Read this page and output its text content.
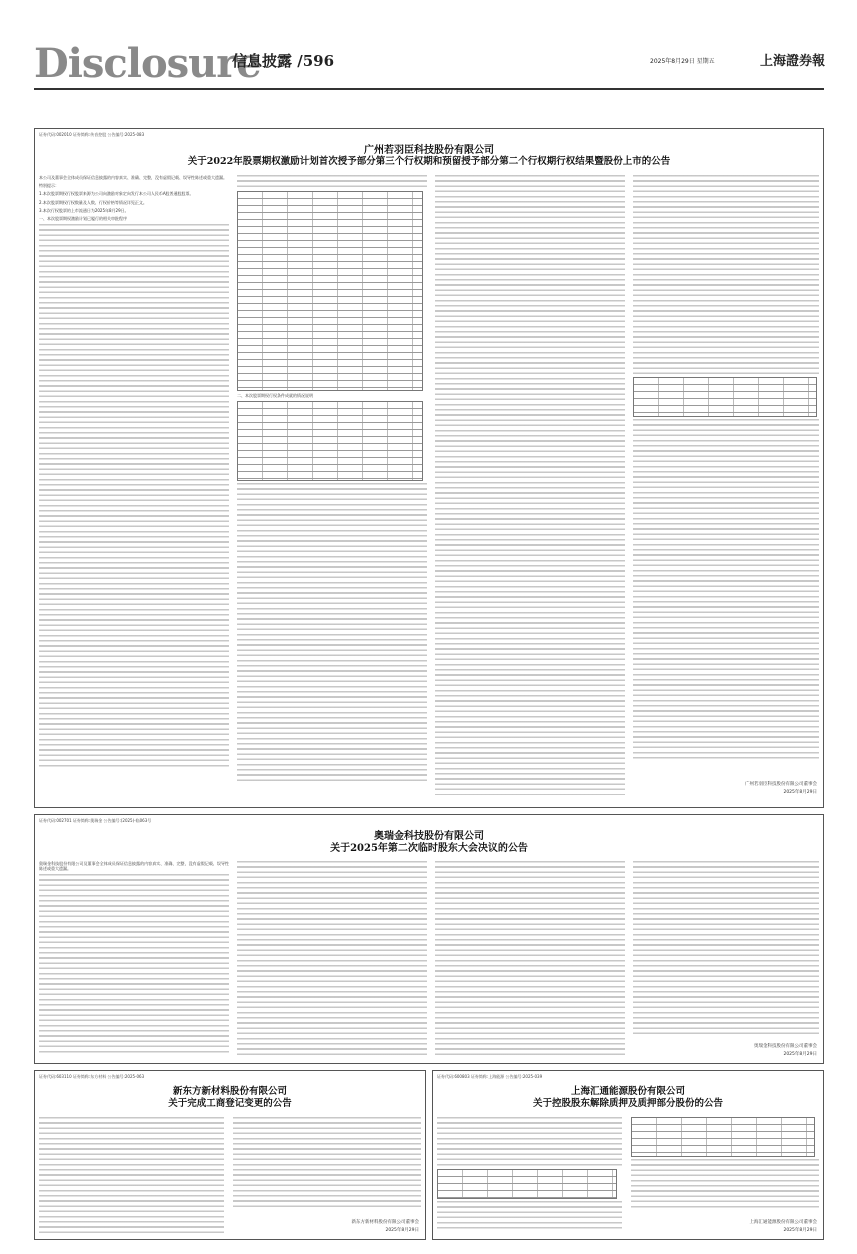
Disclosure
信息披露 /596	2025年8月29日 星期五	上海證券報
证券代码:002010 证券简称:传音控股 公告编号:2025-083
广州若羽臣科技股份有限公司
关于2022年股票期权激励计划首次授予部分第三个行权期和预留授予部分第二个行权期行权结果暨股份上市的公告

本公司及董事会全体成员保证信息披露的内容真实、准确、完整，没有虚假记载、误导性陈述或重大遗漏。

特别提示：

1.本次股票期权行权股票来源为公司向激励对象定向发行本公司人民币A股普通股股票。

2.本次股票期权行权数量及人数、行权价格等情况详见正文。

3.本次行权股票的上市流通日为2025年8月29日。

一、本次股票期权激励计划已履行的相关审批程序

二、本次股票期权行权条件成就的情况说明

广州若羽臣科技股份有限公司董事会
2025年8月29日
证券代码:002701 证券简称:奥瑞金 公告编号:(2025)-临063号
奥瑞金科技股份有限公司
关于2025年第二次临时股东大会决议的公告

奥瑞金科技股份有限公司及董事会全体成员保证信息披露的内容真实、准确、完整，没有虚假记载、误导性陈述或重大遗漏。

奥瑞金科技股份有限公司董事会
2025年8月29日
证券代码:603110 证券简称:东方材料 公告编号:2025-063
新东方新材料股份有限公司
关于完成工商登记变更的公告
新东方新材料股份有限公司董事会
2025年8月29日
证券代码:600803 证券简称:上海能源 公告编号:2025-039
上海汇通能源股份有限公司
关于控股股东解除质押及质押部分股份的公告
上海汇通能源股份有限公司董事会
2025年8月29日
